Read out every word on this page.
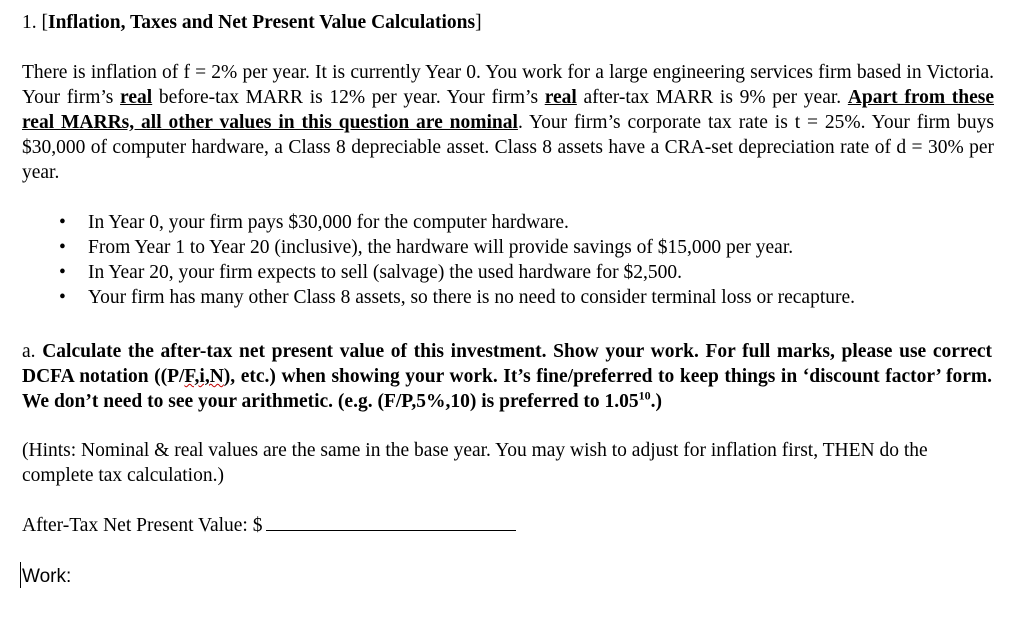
1. [Inflation, Taxes and Net Present Value Calculations]
There is inflation of f = 2% per year. It is currently Year 0. You work for a large engineering services firm based in Victoria. Your firm’s real before-tax MARR is 12% per year. Your firm’s real after-tax MARR is 9% per year. Apart from these real MARRs, all other values in this question are nominal. Your firm’s corporate tax rate is t = 25%. Your firm buys $30,000 of computer hardware, a Class 8 depreciable asset. Class 8 assets have a CRA-set depreciation rate of d = 30% per year.
• In Year 0, your firm pays $30,000 for the computer hardware.
• From Year 1 to Year 20 (inclusive), the hardware will provide savings of $15,000 per year.
• In Year 20, your firm expects to sell (salvage) the used hardware for $2,500.
• Your firm has many other Class 8 assets, so there is no need to consider terminal loss or recapture.
a. Calculate the after-tax net present value of this investment. Show your work. For full marks, please use correct DCFA notation ((P/F,i,N), etc.) when showing your work. It’s fine/preferred to keep things in ‘discount factor’ form. We don’t need to see your arithmetic. (e.g. (F/P,5%,10) is preferred to 1.05$^{10}$.)
(Hints: Nominal & real values are the same in the base year. You may wish to adjust for inflation first, THEN do the complete tax calculation.)
After-Tax Net Present Value: $
Work:
